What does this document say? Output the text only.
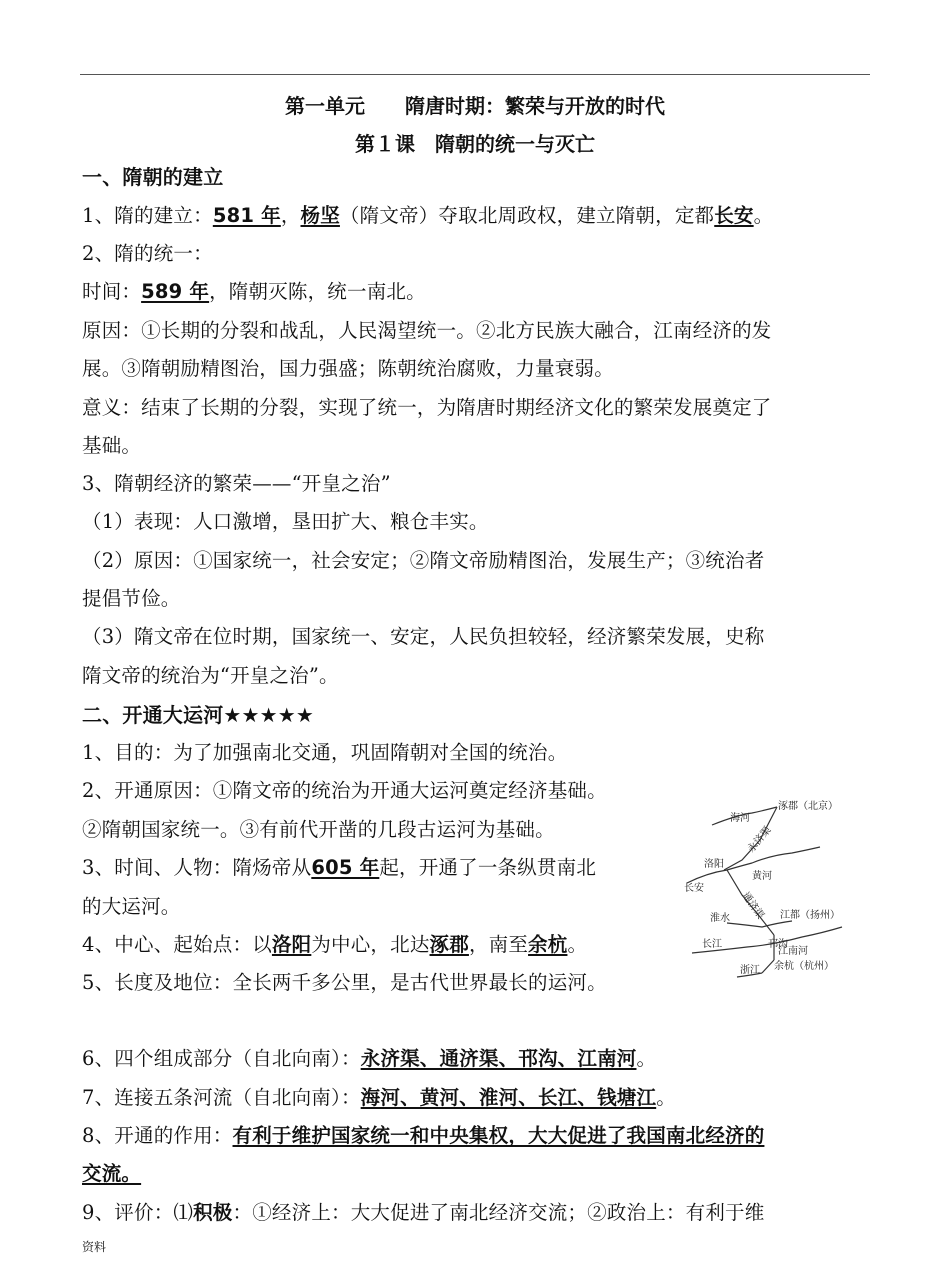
第一单元　　隋唐时期：繁荣与开放的时代
第１课　隋朝的统一与灭亡
一、隋朝的建立
1、隋的建立：581 年，杨坚（隋文帝）夺取北周政权，建立隋朝，定都长安。
2、隋的统一：
时间：589 年，隋朝灭陈，统一南北。
原因：①长期的分裂和战乱，人民渴望统一。②北方民族大融合，江南经济的发
展。③隋朝励精图治，国力强盛；陈朝统治腐败，力量衰弱。
意义：结束了长期的分裂，实现了统一，为隋唐时期经济文化的繁荣发展奠定了
基础。
3、隋朝经济的繁荣——“开皇之治”
（1）表现：人口激增，垦田扩大、粮仓丰实。
（2）原因：①国家统一，社会安定；②隋文帝励精图治，发展生产；③统治者
提倡节俭。
（3）隋文帝在位时期，国家统一、安定，人民负担较轻，经济繁荣发展，史称
隋文帝的统治为“开皇之治”。
二、开通大运河★★★★★
1、目的：为了加强南北交通，巩固隋朝对全国的统治。
2、开通原因：①隋文帝的统治为开通大运河奠定经济基础。
②隋朝国家统一。③有前代开凿的几段古运河为基础。
3、时间、人物：隋炀帝从605 年起，开通了一条纵贯南北
的大运河。
4、中心、起始点：以洛阳为中心，北达涿郡，南至余杭。
5、长度及地位：全长两千多公里，是古代世界最长的运河。
6、四个组成部分（自北向南）：永济渠、通济渠、邗沟、江南河。
7、连接五条河流（自北向南）：海河、黄河、淮河、长江、钱塘江。
8、开通的作用：有利于维护国家统一和中央集权，大大促进了我国南北经济的
交流。
9、评价：⑴积极：①经济上：大大促进了南北经济交流；②政治上：有利于维
涿郡（北京）
海河
永济渠
洛阳
黄河
长安
通济渠
淮水	江都（扬州）
邗沟
长江
江南河
余杭（杭州）
浙江
资料
